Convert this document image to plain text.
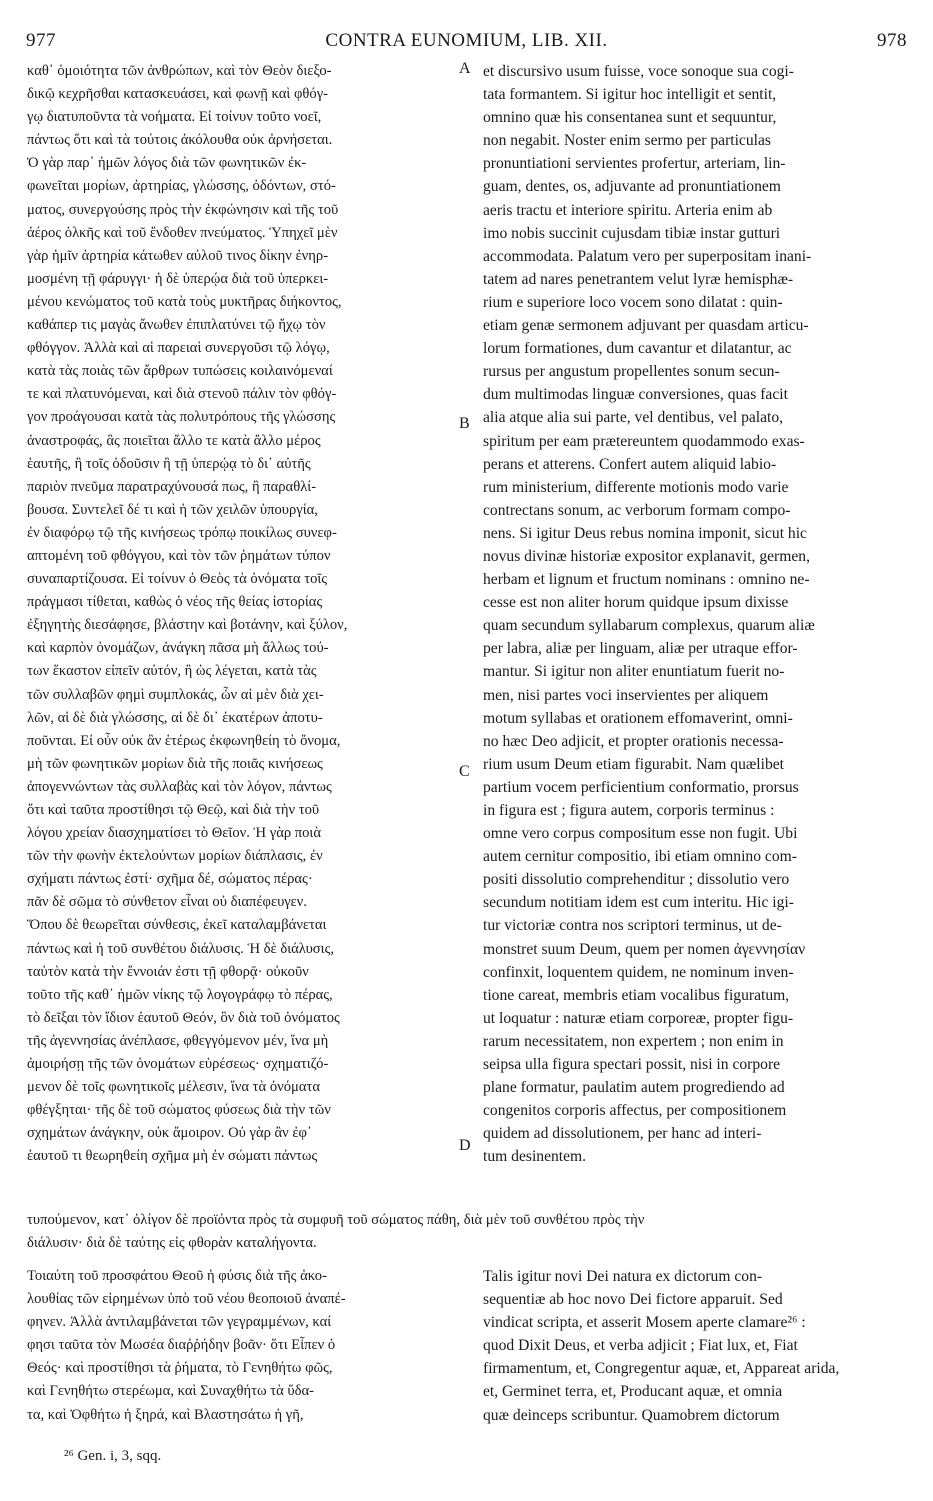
977	CONTRA EUNOMIUM, LIB. XII.	978
καθ᾽ ὁμοιότητα τῶν ἀνθρώπων, καὶ τὸν Θεὸν διεξο-
δικῷ κεχρῆσθαι κατασκευάσει, καὶ φωνῇ καὶ φθόγ-
γῳ διατυποῦντα τὰ νοήματα. Εἰ τοίνυν τοῦτο νοεῖ,
πάντως ὅτι καὶ τὰ τούτοις ἀκόλουθα οὐκ ἀρνήσεται.
Ὁ γὰρ παρ᾽ ἡμῶν λόγος διὰ τῶν φωνητικῶν ἐκ-
φωνεῖται μορίων, ἀρτηρίας, γλώσσης, ὀδόντων, στό-
ματος, συνεργούσης πρὸς τὴν ἐκφώνησιν καὶ τῆς τοῦ
ἀέρος ὁλκῆς καὶ τοῦ ἔνδοθεν πνεύματος. Ὑπηχεῖ μὲν
γὰρ ἡμῖν ἀρτηρία κάτωθεν αὐλοῦ τινος δίκην ἐνηρ-
μοσμένη τῇ φάρυγγι· ἡ δὲ ὑπερῴα διὰ τοῦ ὑπερκει-
μένου κενώματος τοῦ κατὰ τοὺς μυκτῆρας διήκοντος,
καθάπερ τις μαγὰς ἄνωθεν ἐπιπλατύνει τῷ ἤχῳ τὸν
φθόγγον. Ἀλλὰ καὶ αἱ παρειαὶ συνεργοῦσι τῷ λόγῳ,
κατὰ τὰς ποιὰς τῶν ἄρθρων τυπώσεις κοιλαινόμεναί
τε καὶ πλατυνόμεναι, καὶ διὰ στενοῦ πάλιν τὸν φθόγ-
γον προάγουσαι κατὰ τὰς πολυτρόπους τῆς γλώσσης
ἀναστροφάς, ἃς ποιεῖται ἄλλο τε κατὰ ἄλλο μέρος
ἑαυτῆς, ἢ τοῖς ὀδοῦσιν ἢ τῇ ὑπερῴᾳ τὸ δι᾽ αὐτῆς
παριὸν πνεῦμα παρατραχύνουσά πως, ἢ παραθλί-
βουσα. Συντελεῖ δέ τι καὶ ἡ τῶν χειλῶν ὑπουργία,
ἐν διαφόρῳ τῷ τῆς κινήσεως τρόπῳ ποικίλως συνεφ-
απτομένη τοῦ φθόγγου, καὶ τὸν τῶν ῥημάτων τύπον
συναπαρτίζουσα. Εἰ τοίνυν ὁ Θεὸς τὰ ὀνόματα τοῖς
πράγμασι τίθεται, καθὼς ὁ νέος τῆς θείας ἱστορίας
ἐξηγητὴς διεσάφησε, βλάστην καὶ βοτάνην, καὶ ξύλον,
καὶ καρπὸν ὀνομάζων, ἀνάγκη πᾶσα μὴ ἄλλως τού-
των ἕκαστον εἰπεῖν αὐτόν, ἢ ὡς λέγεται, κατὰ τὰς
τῶν συλλαβῶν φημὶ συμπλοκάς, ὧν αἱ μὲν διὰ χει-
λῶν, αἱ δὲ διὰ γλώσσης, αἱ δὲ δι᾽ ἑκατέρων ἀποτυ-
ποῦνται. Εἰ οὖν οὐκ ἂν ἑτέρως ἐκφωνηθείη τὸ ὄνομα,
μὴ τῶν φωνητικῶν μορίων διὰ τῆς ποιᾶς κινήσεως
ἀπογεννώντων τὰς συλλαβὰς καὶ τὸν λόγον, πάντως
ὅτι καὶ ταῦτα προστίθησι τῷ Θεῷ, καὶ διὰ τὴν τοῦ
λόγου χρείαν διασχηματίσει τὸ Θεῖον. Ἡ γὰρ ποιὰ
τῶν τὴν φωνὴν ἐκτελούντων μορίων διάπλασις, ἐν
σχήματι πάντως ἐστί· σχῆμα δέ, σώματος πέρας·
πᾶν δὲ σῶμα τὸ σύνθετον εἶναι οὐ διαπέφευγεν.
Ὅπου δὲ θεωρεῖται σύνθεσις, ἐκεῖ καταλαμβάνεται
πάντως καὶ ἡ τοῦ συνθέτου διάλυσις. Ἡ δὲ διάλυσις,
ταὐτὸν κατὰ τὴν ἔννοιάν ἐστι τῇ φθορᾷ· οὐκοῦν
τοῦτο τῆς καθ᾽ ἡμῶν νίκης τῷ λογογράφῳ τὸ πέρας,
τὸ δεῖξαι τὸν ἴδιον ἑαυτοῦ Θεόν, ὃν διὰ τοῦ ὀνόματος
τῆς ἀγεννησίας ἀνέπλασε, φθεγγόμενον μέν, ἵνα μὴ
ἀμοιρήσῃ τῆς τῶν ὀνομάτων εὑρέσεως· σχηματιζό-
μενον δὲ τοῖς φωνητικοῖς μέλεσιν, ἵνα τὰ ὀνόματα
φθέγξηται· τῆς δὲ τοῦ σώματος φύσεως διὰ τὴν τῶν
σχημάτων ἀνάγκην, οὐκ ἄμοιρον. Οὐ γὰρ ἂν ἐφ᾽
ἑαυτοῦ τι θεωρηθείη σχῆμα μὴ ἐν σώματι πάντως
A
B
C
D
et discursivo usum fuisse, voce sonoque sua cogi-
tata formantem. Si igitur hoc intelligit et sentit,
omnino quæ his consentanea sunt et sequuntur,
non negabit. Noster enim sermo per particulas
pronuntiationi servientes profertur, arteriam, lin-
guam, dentes, os, adjuvante ad pronuntiationem
aeris tractu et interiore spiritu. Arteria enim ab
imo nobis succinit cujusdam tibiæ instar gutturi
accommodata. Palatum vero per superpositam inani-
tatem ad nares penetrantem velut lyræ hemisphæ-
rium e superiore loco vocem sono dilatat : quin-
etiam genæ sermonem adjuvant per quasdam articu-
lorum formationes, dum cavantur et dilatantur, ac
rursus per angustum propellentes sonum secun-
dum multimodas linguæ conversiones, quas facit
alia atque alia sui parte, vel dentibus, vel palato,
spiritum per eam prætereuntem quodammodo exas-
perans et atterens. Confert autem aliquid labio-
rum ministerium, differente motionis modo varie
contrectans sonum, ac verborum formam compo-
nens. Si igitur Deus rebus nomina imponit, sicut hic
novus divinæ historiæ expositor explanavit, germen,
herbam et lignum et fructum nominans : omnino ne-
cesse est non aliter horum quidque ipsum dixisse
quam secundum syllabarum complexus, quarum aliæ
per labra, aliæ per linguam, aliæ per utraque effor-
mantur. Si igitur non aliter enuntiatum fuerit no-
men, nisi partes voci inservientes per aliquem
motum syllabas et orationem effomaverint, omni-
no hæc Deo adjicit, et propter orationis necessa-
rium usum Deum etiam figurabit. Nam quælibet
partium vocem perficientium conformatio, prorsus
in figura est ; figura autem, corporis terminus :
omne vero corpus compositum esse non fugit. Ubi
autem cernitur compositio, ibi etiam omnino com-
positi dissolutio comprehenditur ; dissolutio vero
secundum notitiam idem est cum interitu. Hic igi-
tur victoriæ contra nos scriptori terminus, ut de-
monstret suum Deum, quem per nomen ἀγεννησίαν
confinxit, loquentem quidem, ne nominum inven-
tione careat, membris etiam vocalibus figuratum,
ut loquatur : naturæ etiam corporeæ, propter figu-
rarum necessitatem, non expertem ; non enim in
seipsa ulla figura spectari possit, nisi in corpore
plane formatur, paulatim autem progrediendo ad
congenitos corporis affectus, per compositionem
quidem ad dissolutionem, per hanc ad interi-
tum desinentem.
τυπούμενον, κατ᾽ ὀλίγον δὲ προϊόντα πρὸς τὰ συμφυῆ τοῦ σώματος πάθη, διὰ μὲν τοῦ συνθέτου πρὸς τὴν
διάλυσιν· διὰ δὲ ταύτης εἰς φθορὰν καταλήγοντα.
Τοιαύτη τοῦ προσφάτου Θεοῦ ἡ φύσις διὰ τῆς ἀκο-
λουθίας τῶν εἰρημένων ὑπὸ τοῦ νέου θεοποιοῦ ἀναπέ-
φηνεν. Ἀλλὰ ἀντιλαμβάνεται τῶν γεγραμμένων, καί
φησι ταῦτα τὸν Μωσέα διαῤῥήδην βοᾶν· ὅτι Εἶπεν ὁ
Θεός· καὶ προστίθησι τὰ ῥήματα, τὸ Γενηθήτω φῶς,
καὶ Γενηθήτω στερέωμα, καὶ Συναχθήτω τὰ ὕδα-
τα, καὶ Ὀφθήτω ἡ ξηρά, καὶ Βλαστησάτω ἡ γῆ,
Talis igitur novi Dei natura ex dictorum con-
sequentiæ ab hoc novo Dei fictore apparuit. Sed
vindicat scripta, et asserit Mosem aperte clamare²⁶ :
quod Dixit Deus, et verba adjicit ; Fiat lux, et, Fiat
firmamentum, et, Congregentur aquæ, et, Appareat arida,
et, Germinet terra, et, Producant aquæ, et omnia
quæ deinceps scribuntur. Quamobrem dictorum
²⁶ Gen. i, 3, sqq.
